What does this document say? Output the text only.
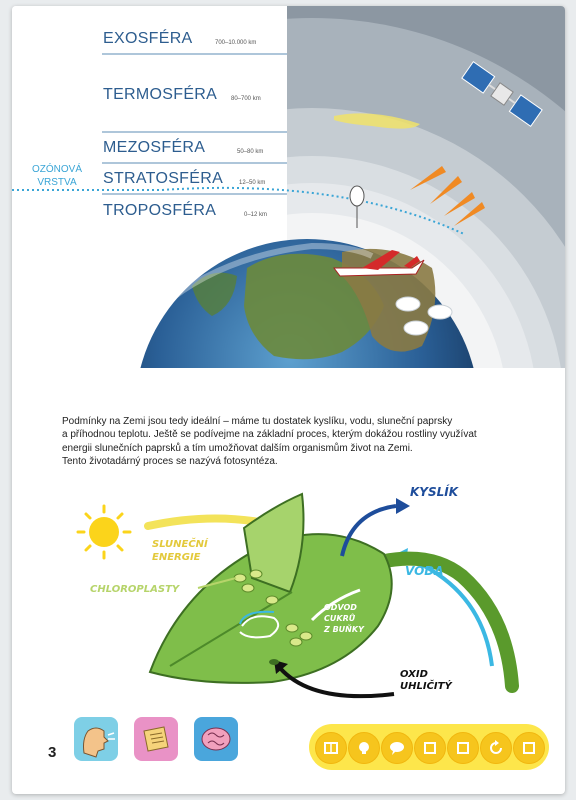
EXOSFÉRA	700–10.000 km
TERMOSFÉRA 80–700 km
MEZOSFÉRA	50–80 km
STRATOSFÉRA	12–50 km
TROPOSFÉRA	0–12 km
OZÓNOVÁ
VRSTVA
Podmínky na Zemi jsou tedy ideální – máme tu dostatek kyslíku, vodu, sluneční paprsky
a příhodnou teplotu. Ještě se podívejme na základní proces, kterým dokážou rostliny využívat
energii slunečních paprsků a tím umožňovat dalším organismům život na Zemi.
Tento životadárný proces se nazývá fotosyntéza.
KYSLÍK
VODA
SLUNEČNÍ
ENERGIE
CHLOROPLASTY
ODVOD
CUKRŮ
Z BUŇKY
OXID
UHLIČITÝ
3
